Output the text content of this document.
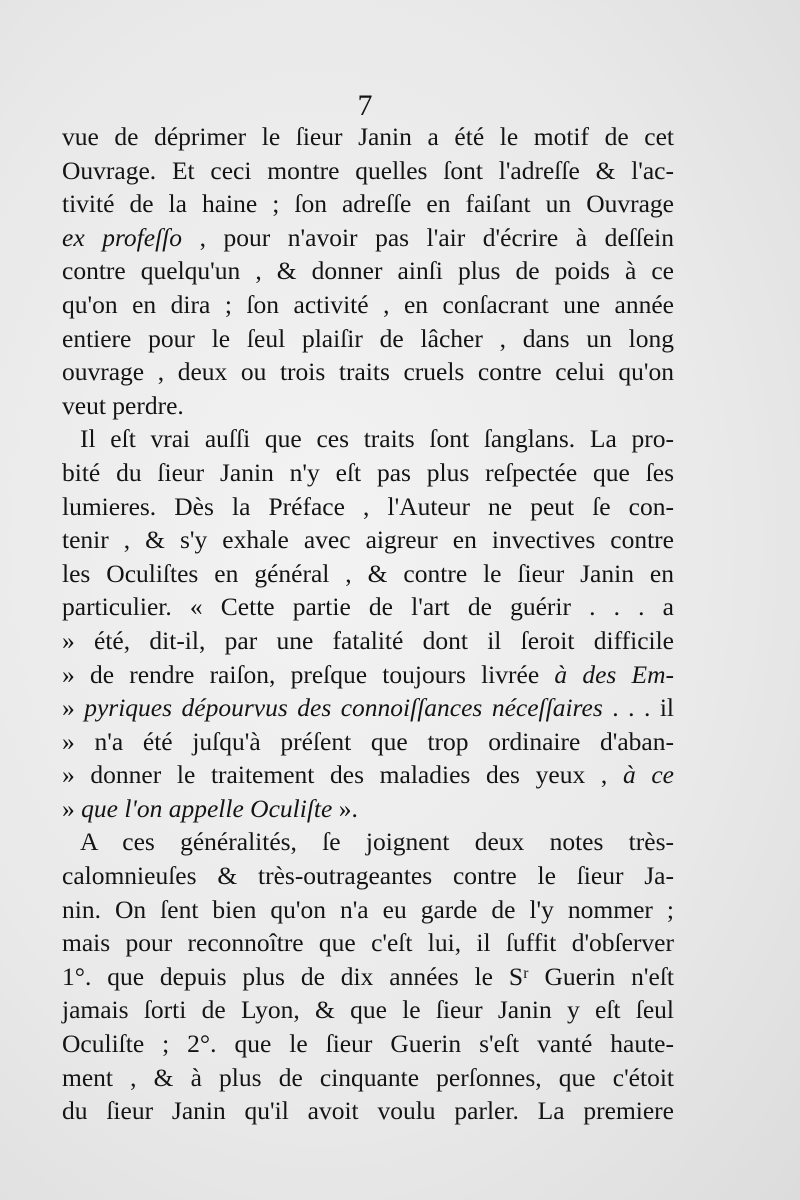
7
vue de déprimer le ſieur Janin a été le motif de cet
Ouvrage. Et ceci montre quelles ſont l'adreſſe & l'ac-
tivité de la haine ; ſon adreſſe en faiſant un Ouvrage
ex profeſſo , pour n'avoir pas l'air d'écrire à deſſein
contre quelqu'un , & donner ainſi plus de poids à ce
qu'on en dira ; ſon activité , en conſacrant une année
entiere pour le ſeul plaiſir de lâcher , dans un long
ouvrage , deux ou trois traits cruels contre celui qu'on
veut perdre.
Il eſt vrai auſſi que ces traits ſont ſanglans. La pro-
bité du ſieur Janin n'y eſt pas plus reſpectée que ſes
lumieres. Dès la Préface , l'Auteur ne peut ſe con-
tenir , & s'y exhale avec aigreur en invectives contre
les Oculiſtes en général , & contre le ſieur Janin en
particulier. « Cette partie de l'art de guérir . . . a
» été, dit-il, par une fatalité dont il ſeroit difficile
» de rendre raiſon, preſque toujours livrée à des Em-
» pyriques dépourvus des connoiſſances néceſſaires . . . il
» n'a été juſqu'à préſent que trop ordinaire d'aban-
» donner le traitement des maladies des yeux , à ce
» que l'on appelle Oculiſte ».
A ces généralités, ſe joignent deux notes très-
calomnieuſes & très-outrageantes contre le ſieur Ja-
nin. On ſent bien qu'on n'a eu garde de l'y nommer ;
mais pour reconnoître que c'eſt lui, il ſuffit d'obſerver
1°. que depuis plus de dix années le Sʳ Guerin n'eſt
jamais ſorti de Lyon, & que le ſieur Janin y eſt ſeul
Oculiſte ; 2°. que le ſieur Guerin s'eſt vanté haute-
ment , & à plus de cinquante perſonnes, que c'étoit
du ſieur Janin qu'il avoit voulu parler. La premiere
